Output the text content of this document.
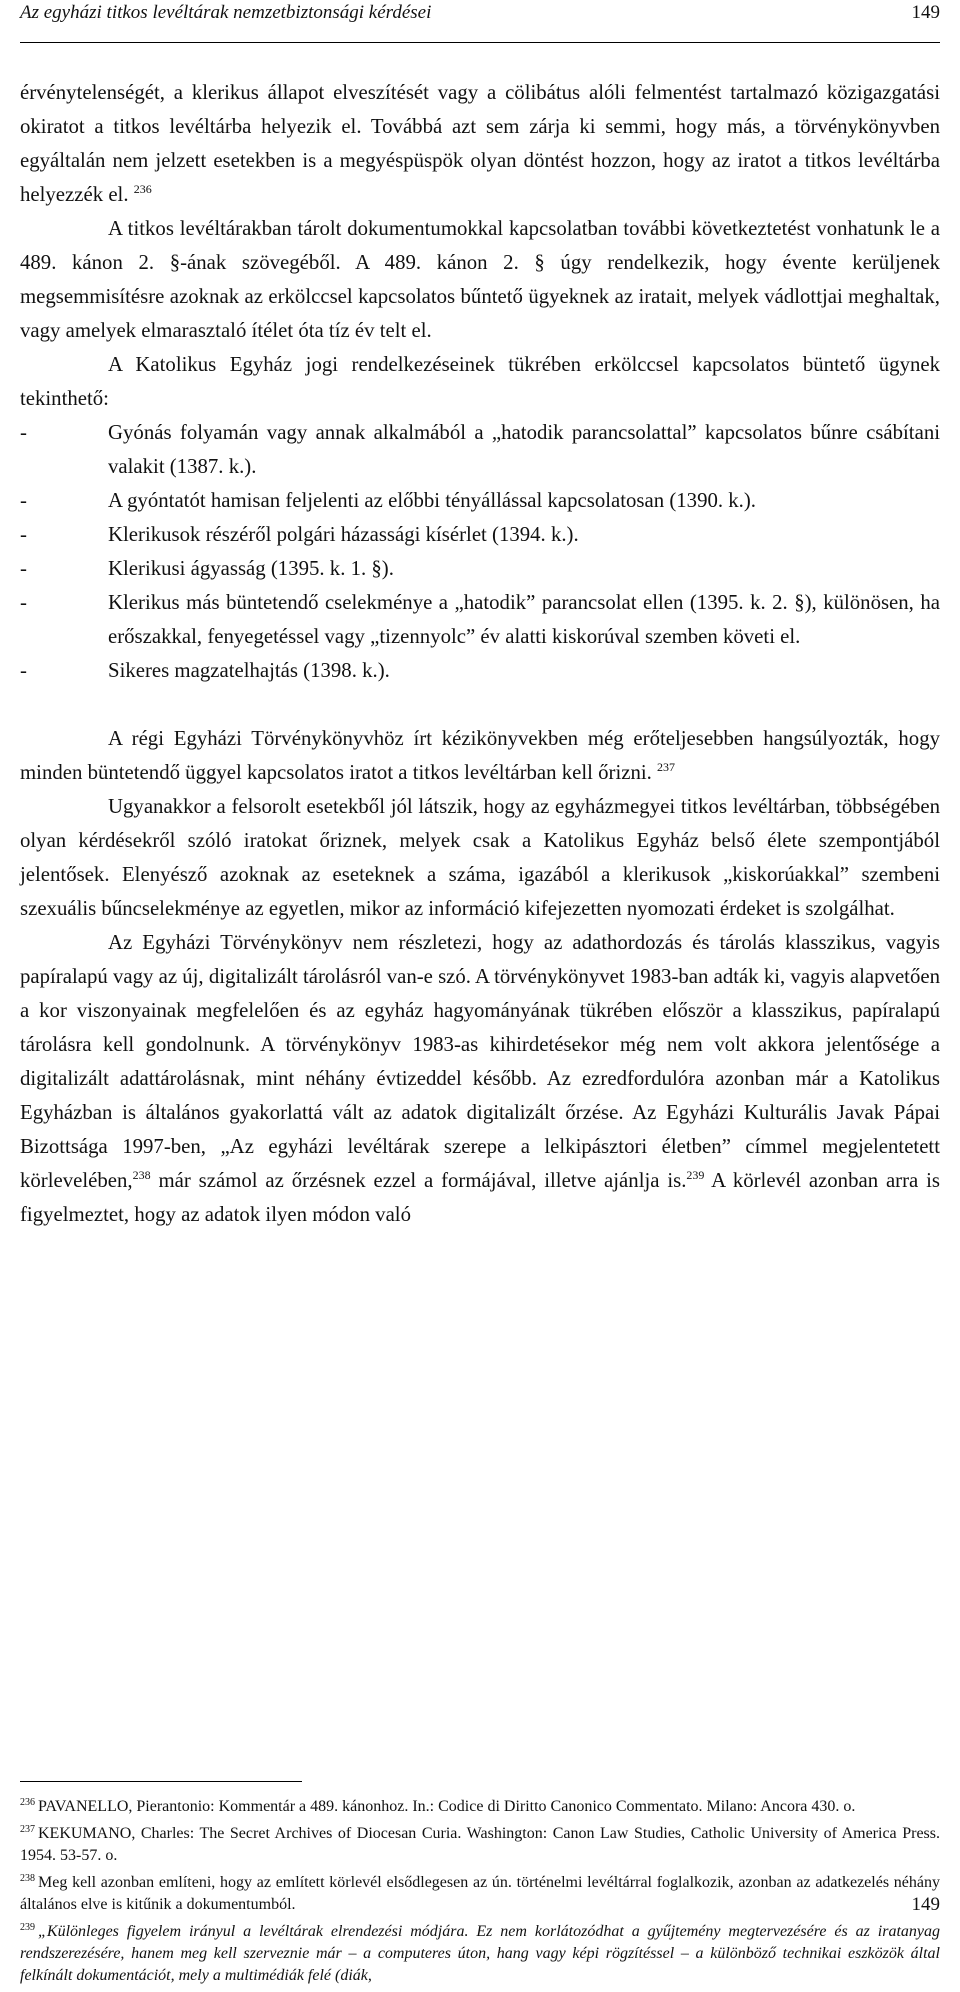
Az egyházi titkos levéltárak nemzetbiztonsági kérdései	149

érvénytelenségét, a klerikus állapot elveszítését vagy a cölibátus alóli felmentést tartalmazó közigazgatási okiratot a titkos levéltárba helyezik el. Továbbá azt sem zárja ki semmi, hogy más, a törvénykönyvben egyáltalán nem jelzett esetekben is a megyéspüspök olyan döntést hozzon, hogy az iratot a titkos levéltárba helyezzék el. $^{236}$

A titkos levéltárakban tárolt dokumentumokkal kapcsolatban további következtetést vonhatunk le a 489. kánon 2. §-ának szövegéből. A 489. kánon 2. § úgy rendelkezik, hogy évente kerüljenek megsemmisítésre azoknak az erkölccsel kapcsolatos bűntető ügyeknek az iratait, melyek vádlottjai meghaltak, vagy amelyek elmarasztaló ítélet óta tíz év telt el.

A Katolikus Egyház jogi rendelkezéseinek tükrében erkölccsel kapcsolatos büntető ügynek tekinthető:

-	Gyónás folyamán vagy annak alkalmából a „hatodik parancsolattal” kapcsolatos bűnre csábítani valakit (1387. k.).
-	A gyóntatót hamisan feljelenti az előbbi tényállással kapcsolatosan (1390. k.).
-	Klerikusok részéről polgári házassági kísérlet (1394. k.).
-	Klerikusi ágyasság (1395. k. 1. §).
-	Klerikus más büntetendő cselekménye a „hatodik” parancsolat ellen (1395. k. 2. §), különösen, ha erőszakkal, fenyegetéssel vagy „tizennyolc” év alatti kiskorúval szemben követi el.
-	Sikeres magzatelhajtás (1398. k.).

A régi Egyházi Törvénykönyvhöz írt kézikönyvekben még erőteljesebben hangsúlyozták, hogy minden büntetendő üggyel kapcsolatos iratot a titkos levéltárban kell őrizni. $^{237}$

Ugyanakkor a felsorolt esetekből jól látszik, hogy az egyházmegyei titkos levéltárban, többségében olyan kérdésekről szóló iratokat őriznek, melyek csak a Katolikus Egyház belső élete szempontjából jelentősek. Elenyésző azoknak az eseteknek a száma, igazából a klerikusok „kiskorúakkal” szembeni szexuális bűncselekménye az egyetlen, mikor az információ kifejezetten nyomozati érdeket is szolgálhat.

Az Egyházi Törvénykönyv nem részletezi, hogy az adathordozás és tárolás klasszikus, vagyis papíralapú vagy az új, digitalizált tárolásról van-e szó. A törvénykönyvet 1983-ban adták ki, vagyis alapvetően a kor viszonyainak megfelelően és az egyház hagyományának tükrében először a klasszikus, papíralapú tárolásra kell gondolnunk. A törvénykönyv 1983-as kihirdetésekor még nem volt akkora jelentősége a digitalizált adattárolásnak, mint néhány évtizeddel később. Az ezredfordulóra azonban már a Katolikus Egyházban is általános gyakorlattá vált az adatok digitalizált őrzése. Az Egyházi Kulturális Javak Pápai Bizottsága 1997-ben, „Az egyházi levéltárak szerepe a lelkipásztori életben” címmel megjelentetett körlevelében,$^{238}$ már számol az őrzésnek ezzel a formájával, illetve ajánlja is.$^{239}$ A körlevél azonban arra is figyelmeztet, hogy az adatok ilyen módon való

$^{236}$ PAVANELLO, Pierantonio: Kommentár a 489. kánonhoz. In.: Codice di Diritto Canonico Commentato. Milano: Ancora 430. o.

$^{237}$ KEKUMANO, Charles: The Secret Archives of Diocesan Curia. Washington: Canon Law Studies, Catholic University of America Press. 1954. 53-57. o.

$^{238}$ Meg kell azonban említeni, hogy az említett körlevél elsődlegesen az ún. történelmi levéltárral foglalkozik, azonban az adatkezelés néhány általános elve is kitűnik a dokumentumból.

$^{239}$ „Különleges figyelem irányul a levéltárak elrendezési módjára. Ez nem korlátozódhat a gyűjtemény megtervezésére és az iratanyag rendszerezésére, hanem meg kell szerveznie már – a computeres úton, hang vagy képi rögzítéssel – a különböző technikai eszközök által felkínált dokumentációt, mely a multimédiák felé (diák,

149
